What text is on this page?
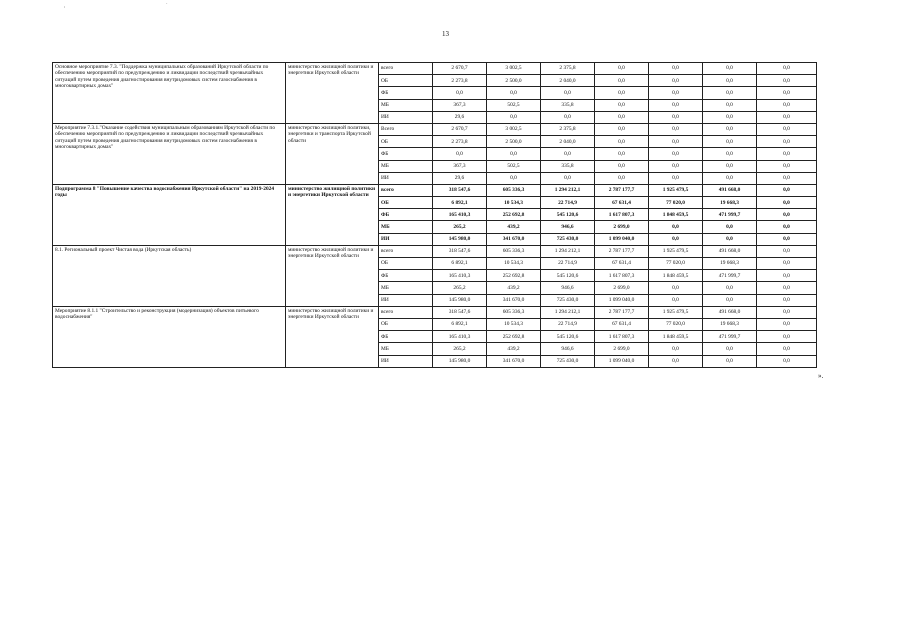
,	·
13
Основное мероприятие 7.3. "Поддержка муниципальных образований Иркутской области по обеспечению мероприятий по предупреждению и ликвидации последствий чрезвычайных ситуаций путем проведения диагностирования внутридомовых систем газоснабжения в многоквартирных домах"	министерство жилищной политики и энергетики Иркутской области	всего	2 670,7	3 002,5	2 375,8	0,0	0,0	0,0	0,0
		ОБ	2 273,8	2 500,0	2 040,0	0,0	0,0	0,0	0,0
		ФБ	0,0	0,0	0,0	0,0	0,0	0,0	0,0
		МБ	367,3	502,5	335,8	0,0	0,0	0,0	0,0
		ИИ	29,6	0,0	0,0	0,0	0,0	0,0	0,0
Мероприятие 7.3.1."Оказание содействия муниципальным образованиям Иркутской области по обеспечению мероприятий по предупреждению и ликвидации последствий чрезвычайных ситуаций путем проведения диагностирования внутридомовых систем газоснабжения в многоквартирных домах"	министерство жилищной политики, энергетики и транспорта Иркутской области	Всего	2 670,7	3 002,5	2 375,8	0,0	0,0	0,0	0,0
		ОБ	2 273,8	2 500,0	2 040,0	0,0	0,0	0,0	0,0
		ФБ	0,0	0,0	0,0	0,0	0,0	0,0	0,0
		МБ	367,3	502,5	335,8	0,0	0,0	0,0	0,0
		ИИ	29,6	0,0	0,0	0,0	0,0	0,0	0,0
Подпрограмма 8 "Повышение качества водоснабжения Иркутской области" на 2019-2024 годы	министерство жилищной политики и энергетики Иркутской области	всего	318 547,6	605 336,3	1 294 212,1	2 787 177,7	1 925 479,5	491 668,0	0,0
		ОБ	6 892,1	10 534,3	22 714,9	67 631,4	77 020,0	19 668,3	0,0
		ФБ	165 410,3	252 692,8	545 120,6	1 617 807,3	1 848 459,5	471 999,7	0,0
		МБ	265,2	439,2	946,6	2 699,0	0,0	0,0	0,0
		ИИ	145 980,0	341 670,0	725 430,0	1 099 040,0	0,0	0,0	0,0
8.1. Региональный проект Чистая вода (Иркутская область)	министерство жилищной политики и энергетики Иркутской области	всего	318 547,6	605 336,3	1 294 212,1	2 787 177,7	1 925 479,5	491 668,0	0,0
		ОБ	6 892,1	10 534,3	22 714,9	67 631,4	77 020,0	19 668,3	0,0
		ФБ	165 410,3	252 692,8	545 120,6	1 617 807,3	1 848 459,5	471 999,7	0,0
		МБ	265,2	439,2	946,6	2 699,0	0,0	0,0	0,0
		ИИ	145 980,0	341 670,0	725 430,0	1 099 040,0	0,0	0,0	0,0
Мероприятие 8.1.1 "Строительство и реконструкция (модернизация) объектов питьевого водоснабжения"	министерство жилищной политики и энергетики Иркутской области	всего	318 547,6	605 336,3	1 294 212,1	2 787 177,7	1 925 479,5	491 668,0	0,0
		ОБ	6 892,1	10 534,3	22 714,9	67 631,4	77 020,0	19 668,3	0,0
		ФБ	165 410,3	252 692,8	545 120,6	1 617 807,3	1 848 459,5	471 999,7	0,0
		МБ	265,2	439,2	946,6	2 699,0	0,0	0,0	0,0
		ИИ	145 980,0	341 670,0	725 430,0	1 099 040,0	0,0	0,0	0,0
».
